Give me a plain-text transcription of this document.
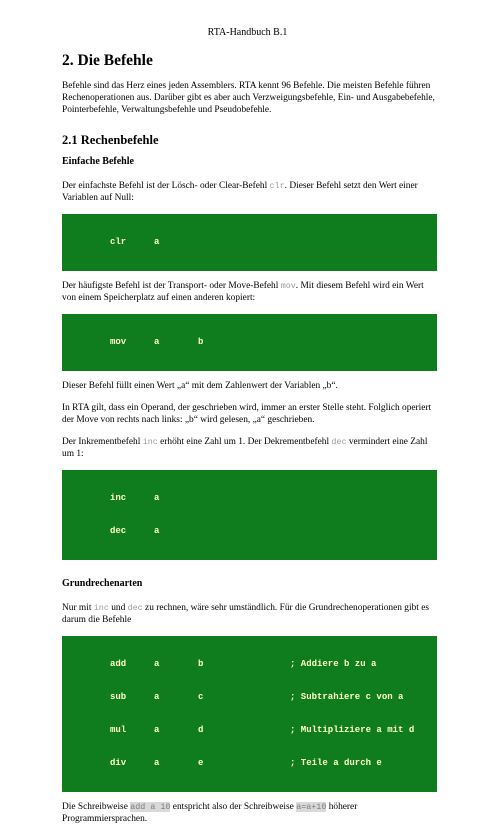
RTA-Handbuch B.1
2. Die Befehle

Befehle sind das Herz eines jeden Assemblers. RTA kennt 96 Befehle. Die meisten Befehle führen Rechenoperationen aus. Darüber gibt es aber auch Verzweigungsbefehle, Ein- und Ausgabebefehle, Pointerbefehle, Verwaltungsbefehle und Pseudobefehle.

2.1 Rechenbefehle
Einfache Befehle

Der einfachste Befehl ist der Lösch- oder Clear-Befehl clr. Dieser Befehl setzt den Wert einer Variablen auf Null:

clr	a

Der häufigste Befehl ist der Transport- oder Move-Befehl mov. Mit diesem Befehl wird ein Wert von einem Speicherplatz auf einen anderen kopiert:

mov	a	b

Dieser Befehl füllt einen Wert „a“ mit dem Zahlenwert der Variablen „b“.

In RTA gilt, dass ein Operand, der geschrieben wird, immer an erster Stelle steht. Folglich operiert der Move von rechts nach links: „b“ wird gelesen, „a“ geschrieben.

Der Inkrementbefehl inc erhöht eine Zahl um 1. Der Dekrementbefehl dec vermindert eine Zahl um 1:

inc	a

dec	a

Grundrechenarten

Nur mit inc und dec zu rechnen, wäre sehr umständlich. Für die Grundrechenoperationen gibt es darum die Befehle

add	a	b	; Addiere b zu a

sub	a	c	; Subtrahiere c von a

mul	a	d	; Multipliziere a mit d

div	a	e	; Teile a durch e

Die Schreibweise add a 10 entspricht also der Schreibweise a=a+10 höherer Programmiersprachen.
